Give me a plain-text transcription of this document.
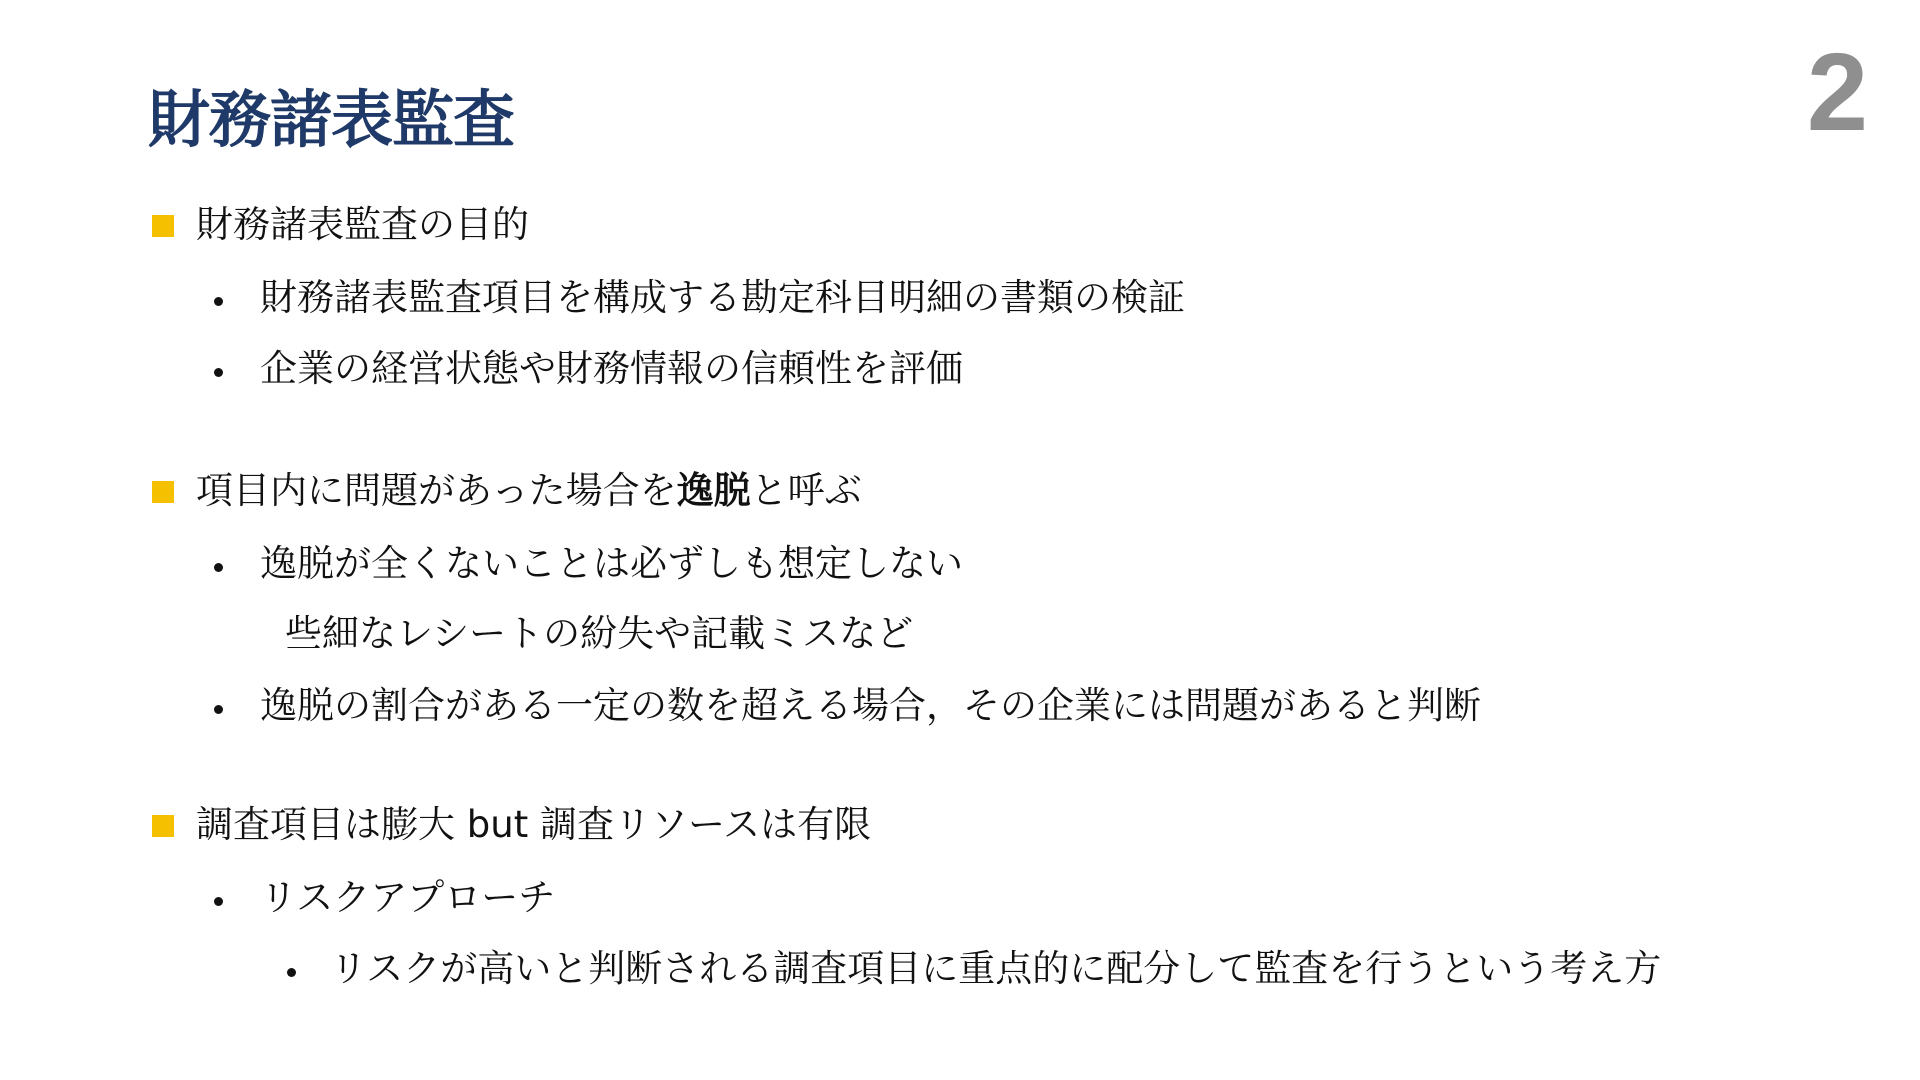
財務諸表監査	2
財務諸表監査の目的
財務諸表監査項目を構成する勘定科目明細の書類の検証
企業の経営状態や財務情報の信頼性を評価
項目内に問題があった場合を逸脱と呼ぶ
逸脱が全くないことは必ずしも想定しない
些細なレシートの紛失や記載ミスなど
逸脱の割合がある一定の数を超える場合，その企業には問題があると判断
調査項目は膨大 but 調査リソースは有限
リスクアプローチ
リスクが高いと判断される調査項目に重点的に配分して監査を行うという考え方
